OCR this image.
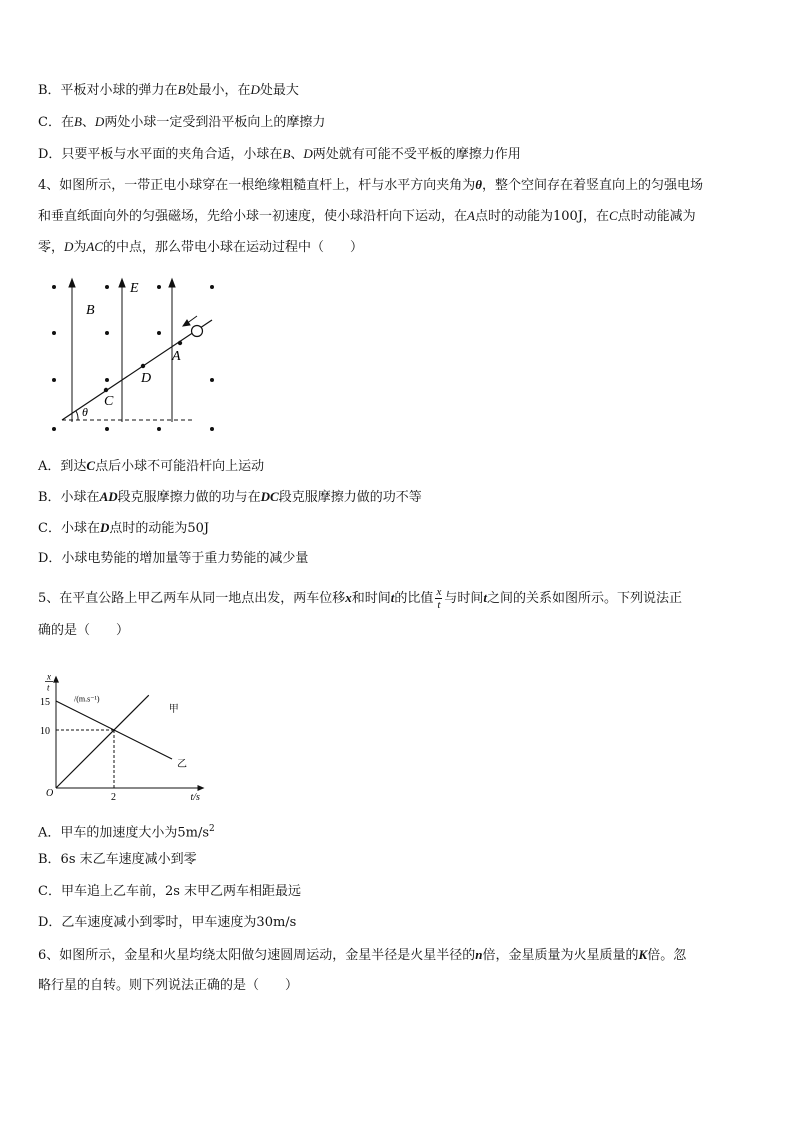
B．平板对小球的弹力在B处最小，在D处最大
C．在B、D两处小球一定受到沿平板向上的摩擦力
D．只要平板与水平面的夹角合适，小球在B、D两处就有可能不受平板的摩擦力作用
4、如图所示，一带正电小球穿在一根绝缘粗糙直杆上，杆与水平方向夹角为θ，整个空间存在着竖直向上的匀强电场
和垂直纸面向外的匀强磁场，先给小球一初速度，使小球沿杆向下运动，在A点时的动能为100J，在C点时动能减为
零，D为AC的中点，那么带电小球在运动过程中（　　）
B
E
A
D
C
θ
A．到达C点后小球不可能沿杆向上运动
B．小球在AD段克服摩擦力做的功与在DC段克服摩擦力做的功不等
C．小球在D点时的动能为50J
D．小球电势能的增加量等于重力势能的减少量
5、在平直公路上甲乙两车从同一地点出发，两车位移x和时间t的比值 $\frac{x}{t}$ 与时间t之间的关系如图所示。下列说法正
确的是（　　）
x
t
/(m.s⁻¹)
15
10
2
O	t/s
甲
乙
A．甲车的加速度大小为$5m/s^2$
B．6s 末乙车速度减小到零
C．甲车追上乙车前，2s 末甲乙两车相距最远
D．乙车速度减小到零时，甲车速度为30m/s
6、如图所示，金星和火星均绕太阳做匀速圆周运动，金星半径是火星半径的n倍，金星质量为火星质量的K倍。忽
略行星的自转。则下列说法正确的是（　　）
